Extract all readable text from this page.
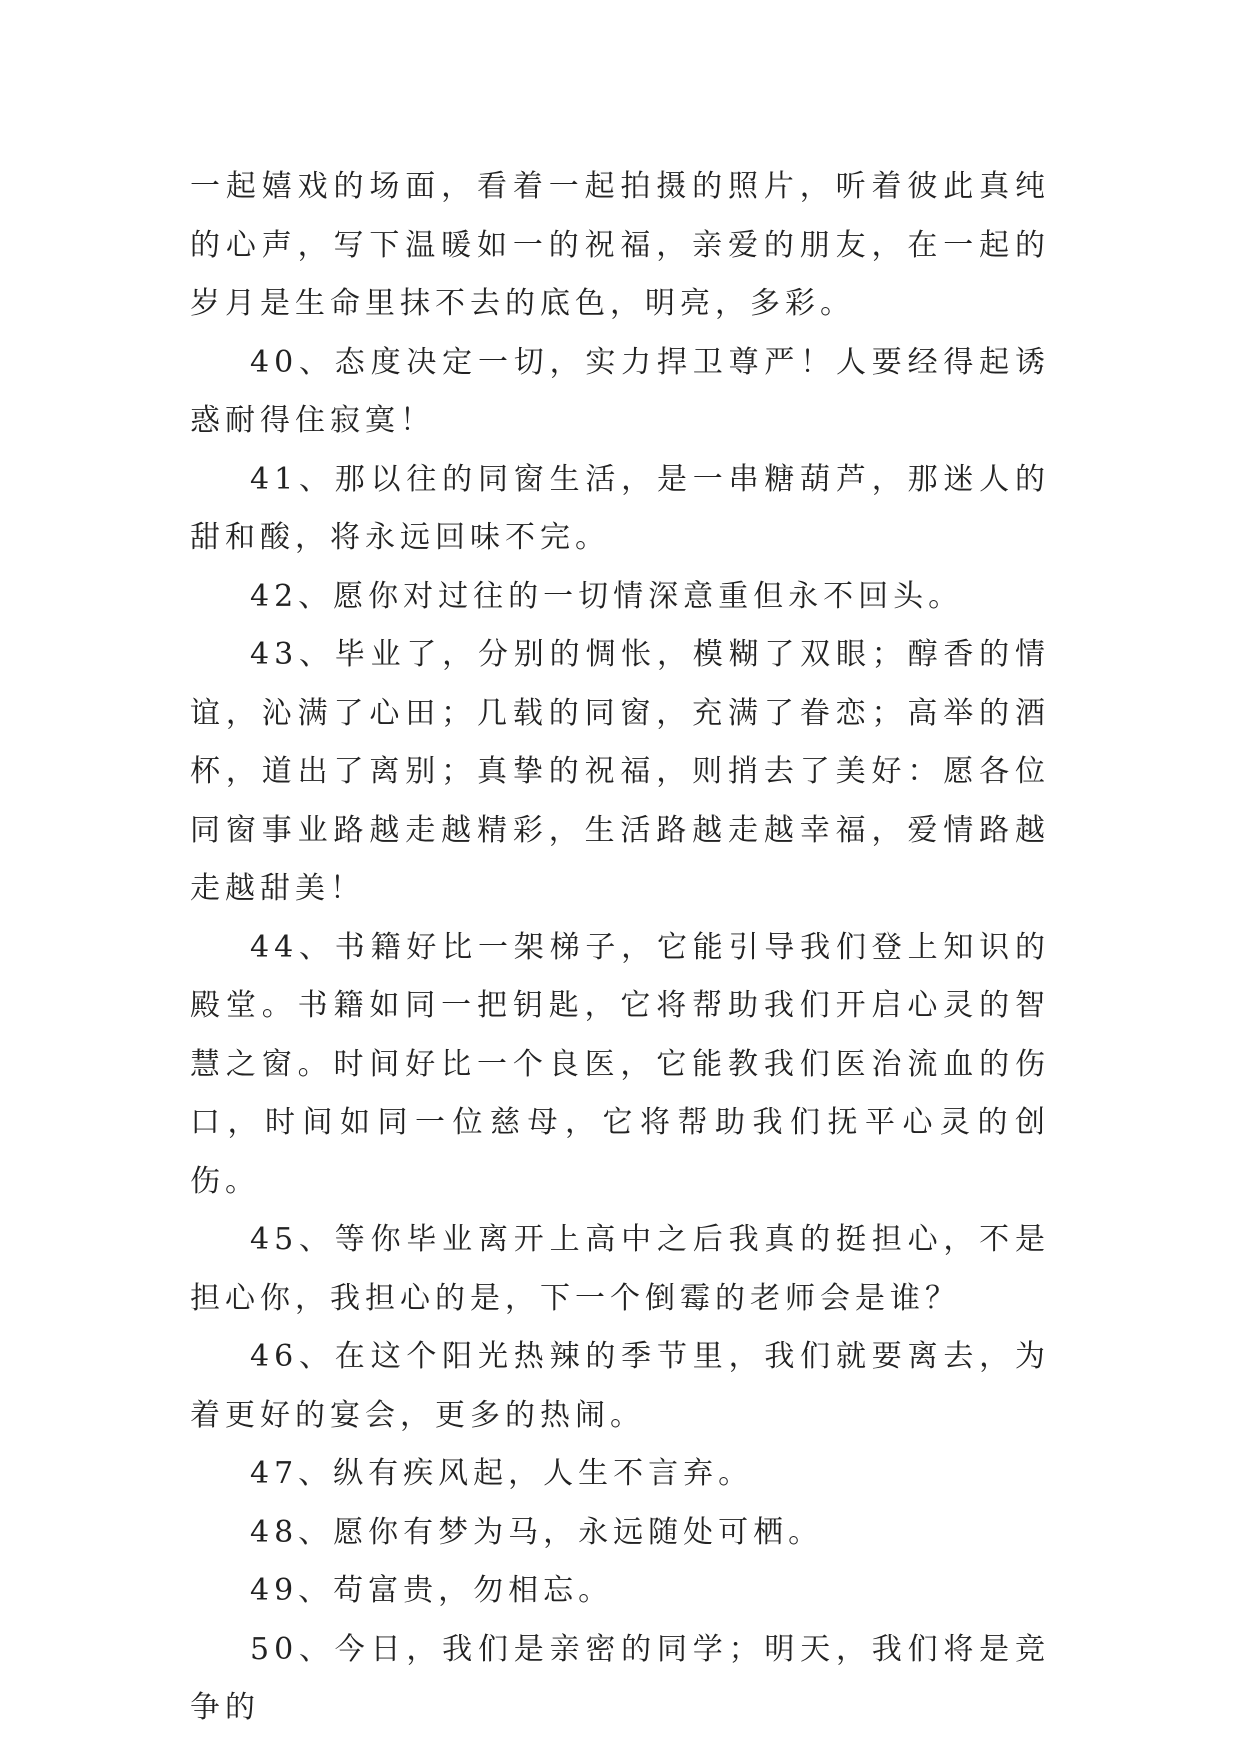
一起嬉戏的场面，看着一起拍摄的照片，听着彼此真纯的心声，写下温暖如一的祝福，亲爱的朋友，在一起的岁月是生命里抹不去的底色，明亮，多彩。

40、态度决定一切，实力捍卫尊严！人要经得起诱惑耐得住寂寞！

41、那以往的同窗生活，是一串糖葫芦，那迷人的甜和酸，将永远回味不完。

42、愿你对过往的一切情深意重但永不回头。

43、毕业了，分别的惆怅，模糊了双眼；醇香的情谊，沁满了心田；几载的同窗，充满了眷恋；高举的酒杯，道出了离别；真挚的祝福，则捎去了美好：愿各位同窗事业路越走越精彩，生活路越走越幸福，爱情路越走越甜美！

44、书籍好比一架梯子，它能引导我们登上知识的殿堂。书籍如同一把钥匙，它将帮助我们开启心灵的智慧之窗。时间好比一个良医，它能教我们医治流血的伤口，时间如同一位慈母，它将帮助我们抚平心灵的创伤。

45、等你毕业离开上高中之后我真的挺担心，不是担心你，我担心的是，下一个倒霉的老师会是谁？

46、在这个阳光热辣的季节里，我们就要离去，为着更好的宴会，更多的热闹。

47、纵有疾风起，人生不言弃。

48、愿你有梦为马，永远随处可栖。

49、苟富贵，勿相忘。

50、今日，我们是亲密的同学；明天，我们将是竞争的
